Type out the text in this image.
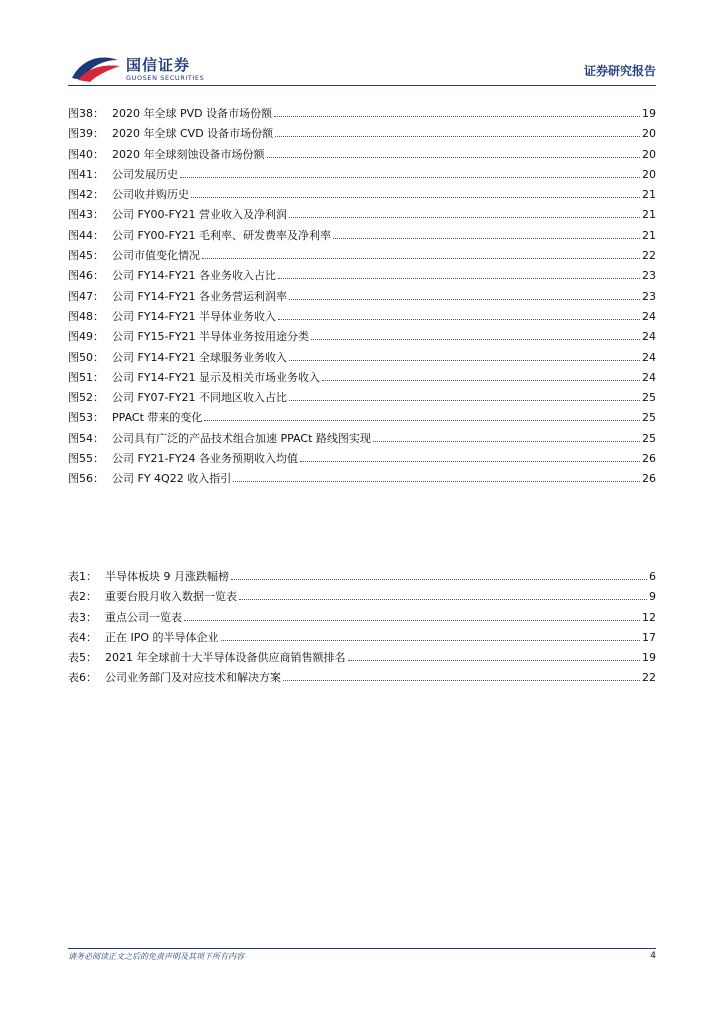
国信证券
GUOSEN SECURITIES	证券研究报告
图38： 2020 年全球 PVD 设备市场份额	19
图39： 2020 年全球 CVD 设备市场份额	20
图40： 2020 年全球刻蚀设备市场份额	20
图41： 公司发展历史	20
图42： 公司收并购历史	21
图43： 公司 FY00-FY21 营业收入及净利润	21
图44： 公司 FY00-FY21 毛利率、研发费率及净利率	21
图45： 公司市值变化情况	22
图46： 公司 FY14-FY21 各业务收入占比	23
图47： 公司 FY14-FY21 各业务营运利润率	23
图48： 公司 FY14-FY21 半导体业务收入	24
图49： 公司 FY15-FY21 半导体业务按用途分类	24
图50： 公司 FY14-FY21 全球服务业务收入	24
图51： 公司 FY14-FY21 显示及相关市场业务收入	24
图52： 公司 FY07-FY21 不同地区收入占比	25
图53： PPACt 带来的变化	25
图54： 公司具有广泛的产品技术组合加速 PPACt 路线图实现	25
图55： 公司 FY21-FY24 各业务预期收入均值	26
图56： 公司 FY 4Q22 收入指引	26
表1： 半导体板块 9 月涨跌幅榜	6
表2： 重要台股月收入数据一览表	9
表3： 重点公司一览表	12
表4： 正在 IPO 的半导体企业	17
表5： 2021 年全球前十大半导体设备供应商销售额排名	19
表6： 公司业务部门及对应技术和解决方案	22
请务必阅读正文之后的免责声明及其项下所有内容	4
